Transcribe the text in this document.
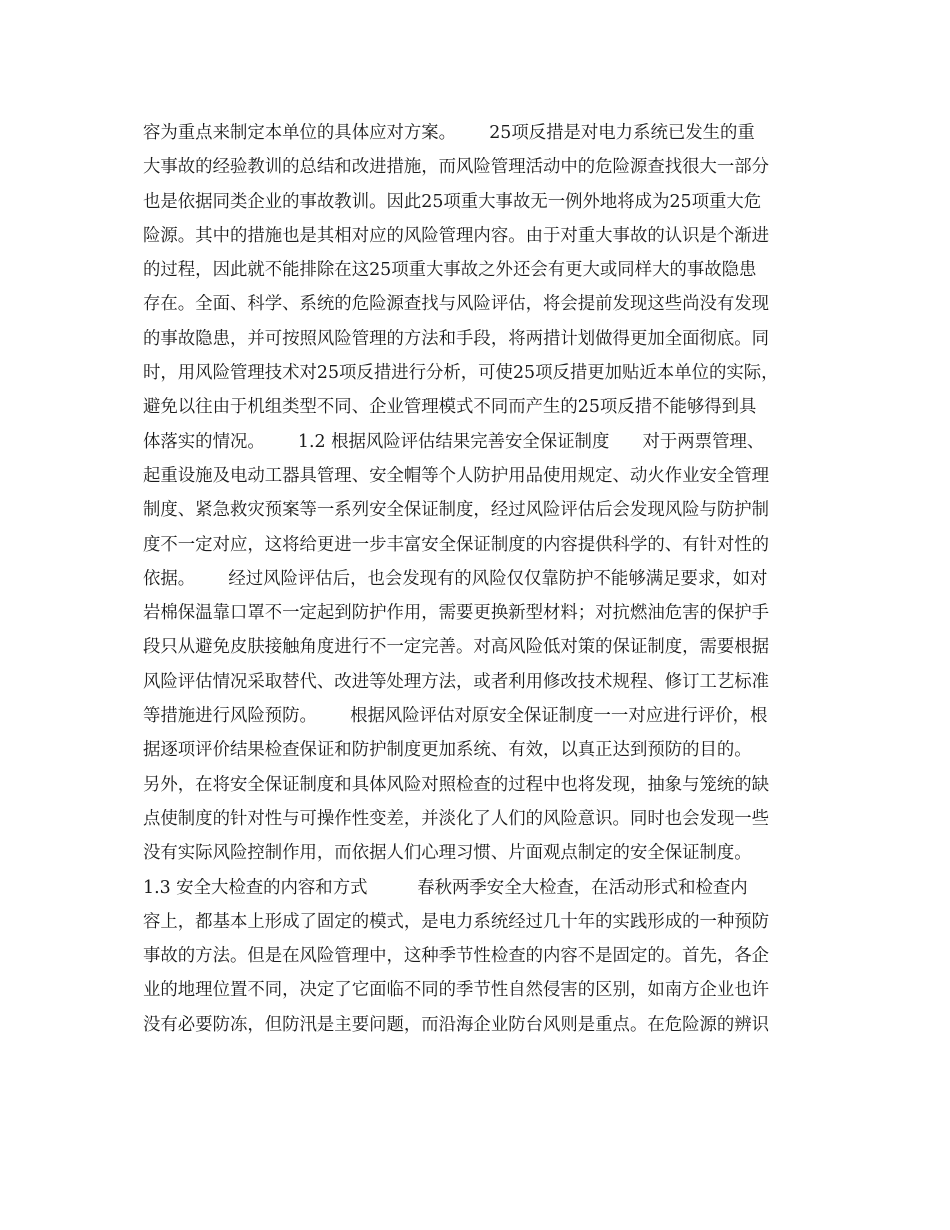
容为重点来制定本单位的具体应对方案。      25项反措是对电力系统已发生的重
大事故的经验教训的总结和改进措施，而风险管理活动中的危险源查找很大一部分
也是依据同类企业的事故教训。因此25项重大事故无一例外地将成为25项重大危
险源。其中的措施也是其相对应的风险管理内容。由于对重大事故的认识是个渐进
的过程，因此就不能排除在这25项重大事故之外还会有更大或同样大的事故隐患
存在。全面、科学、系统的危险源查找与风险评估，将会提前发现这些尚没有发现
的事故隐患，并可按照风险管理的方法和手段，将两措计划做得更加全面彻底。同
时，用风险管理技术对25项反措进行分析，可使25项反措更加贴近本单位的实际，
避免以往由于机组类型不同、企业管理模式不同而产生的25项反措不能够得到具
体落实的情况。      1.2 根据风险评估结果完善安全保证制度      对于两票管理、
起重设施及电动工器具管理、安全帽等个人防护用品使用规定、动火作业安全管理
制度、紧急救灾预案等一系列安全保证制度，经过风险评估后会发现风险与防护制
度不一定对应，这将给更进一步丰富安全保证制度的内容提供科学的、有针对性的
依据。      经过风险评估后，也会发现有的风险仅仅靠防护不能够满足要求，如对
岩棉保温靠口罩不一定起到防护作用，需要更换新型材料；对抗燃油危害的保护手
段只从避免皮肤接触角度进行不一定完善。对高风险低对策的保证制度，需要根据
风险评估情况采取替代、改进等处理方法，或者利用修改技术规程、修订工艺标准
等措施进行风险预防。      根据风险评估对原安全保证制度一一对应进行评价，根
据逐项评价结果检查保证和防护制度更加系统、有效，以真正达到预防的目的。
另外，在将安全保证制度和具体风险对照检查的过程中也将发现，抽象与笼统的缺
点使制度的针对性与可操作性变差，并淡化了人们的风险意识。同时也会发现一些
没有实际风险控制作用，而依据人们心理习惯、片面观点制定的安全保证制度。
1.3 安全大检查的内容和方式         春秋两季安全大检查，在活动形式和检查内
容上，都基本上形成了固定的模式，是电力系统经过几十年的实践形成的一种预防
事故的方法。但是在风险管理中，这种季节性检查的内容不是固定的。首先，各企
业的地理位置不同，决定了它面临不同的季节性自然侵害的区别，如南方企业也许
没有必要防冻，但防汛是主要问题，而沿海企业防台风则是重点。在危险源的辨识
